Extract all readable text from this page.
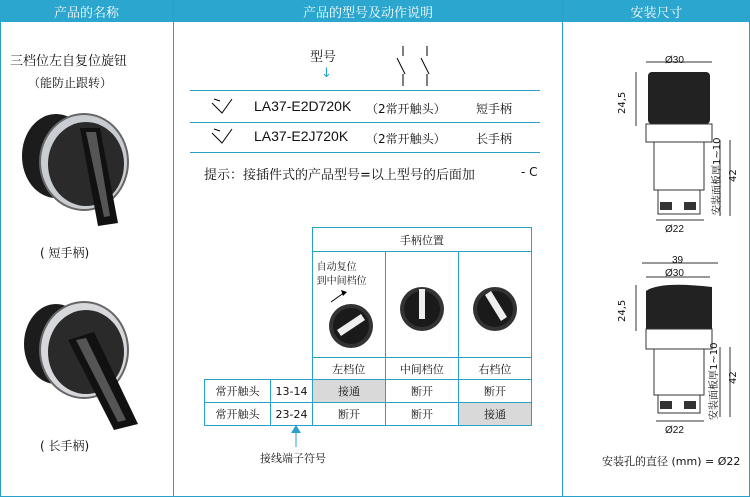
产品的名称	产品的型号及动作说明	安装尺寸
三档位左自复位旋钮
（能防止跟转）
( 短手柄)
( 长手柄)
型号
↓
LA37-E2D720K （2常开触头）	短手柄
LA37-E2J720K （2常开触头）	长手柄
提示：接插件式的产品型号=以上型号的后面加	- C
	手柄位置		

	自动复位
到中间档位

	左档位	中间档位	右档位
常开触头	13-14	接通	断开	断开
常开触头	23-24	断开	断开	接通
接线端子符号
Ø30
24,5
安装面板厚1~10 42
Ø22
39
Ø30
24,5
安装面板厚1~10 42
Ø22
安装孔的直径 (mm) = Ø22
